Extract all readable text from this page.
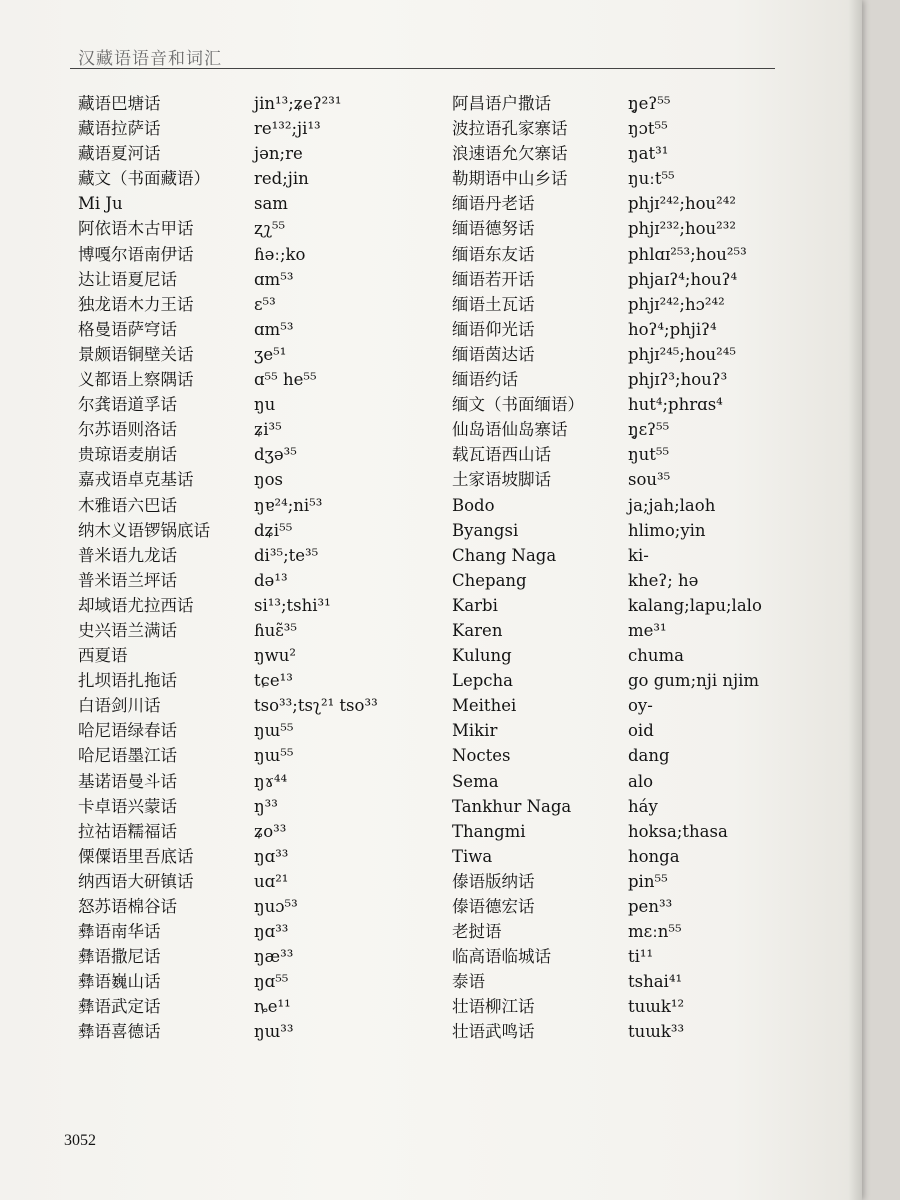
汉藏语语音和词汇
藏语巴塘话	jin¹³;ʑeʔ²³¹
藏语拉萨话	re¹³²;ji¹³
藏语夏河话	jən;re
藏文（书面藏语）	red;jin
Mi Ju	sam
阿依语木古甲话	ʐʅ⁵⁵
博嘎尔语南伊话	ɦəː;ko
达让语夏尼话	ɑm⁵³
独龙语木力王话	ɛ⁵³
格曼语萨穹话	ɑm⁵³
景颇语铜壁关话	ʒe⁵¹
义都语上察隅话	ɑ⁵⁵ he⁵⁵
尔龚语道孚话	ŋu
尔苏语则洛话	ʑi³⁵
贵琼语麦崩话	dʒə³⁵
嘉戎语卓克基话	ŋos
木雅语六巴话	ŋɐ²⁴;ni⁵³
纳木义语锣锅底话	dʑi⁵⁵
普米语九龙话	di³⁵;te³⁵
普米语兰坪话	də¹³
却域语尤拉西话	si¹³;tshi³¹
史兴语兰满话	ɦuɛ̃³⁵
西夏语	ŋwu²
扎坝语扎拖话	tɕe¹³
白语剑川话	tso³³;tsʅ²¹ tso³³
哈尼语绿春话	ŋɯ⁵⁵
哈尼语墨江话	ŋɯ⁵⁵
基诺语曼斗话	ŋɤ⁴⁴
卡卓语兴蒙话	ŋ³³
拉祜语糯福话	ʑo³³
傈僳语里吾底话	ŋɑ³³
纳西语大研镇话	uɑ²¹
怒苏语棉谷话	ŋuɔ⁵³
彝语南华话	ŋɑ³³
彝语撒尼话	ŋæ³³
彝语巍山话	ŋɑ⁵⁵
彝语武定话	ȵe¹¹
彝语喜德话	ŋɯ³³
阿昌语户撒话	ŋ̥eʔ⁵⁵
波拉语孔家寨话	ŋɔt⁵⁵
浪速语允欠寨话	ŋat³¹
勒期语中山乡话	ŋuːt⁵⁵
缅语丹老话	phjɪ²⁴²;hou²⁴²
缅语德努话	phjɪ²³²;hou²³²
缅语东友话	phlɑɪ²⁵³;hou²⁵³
缅语若开话	phjaɪʔ⁴;houʔ⁴
缅语土瓦话	phjɪ²⁴²;hɔ²⁴²
缅语仰光话	hoʔ⁴;phjiʔ⁴
缅语茵达话	phjɪ²⁴⁵;hou²⁴⁵
缅语约话	phjɪʔ³;houʔ³
缅文（书面缅语）	hut⁴;phrɑs⁴
仙岛语仙岛寨话	ŋ̥ɛʔ⁵⁵
载瓦语西山话	ŋut⁵⁵
土家语坡脚话	sou³⁵
Bodo	ja;jah;laoh
Byangsi	hlimo;yin
Chang Naga	ki-
Chepang	kheʔ; hə
Karbi	kalang;lapu;lalo
Karen	me³¹
Kulung	chuma
Lepcha	go gum;nji njim
Meithei	oy-
Mikir	oid
Noctes	dang
Sema	alo
Tankhur Naga	háy
Thangmi	hoksa;thasa
Tiwa	honga
傣语版纳话	pin⁵⁵
傣语德宏话	pen³³
老挝语	mɛːn⁵⁵
临高语临城话	ti¹¹
泰语	tshai⁴¹
壮语柳江话	tuɯk¹²
壮语武鸣话	tuɯk³³
3052
